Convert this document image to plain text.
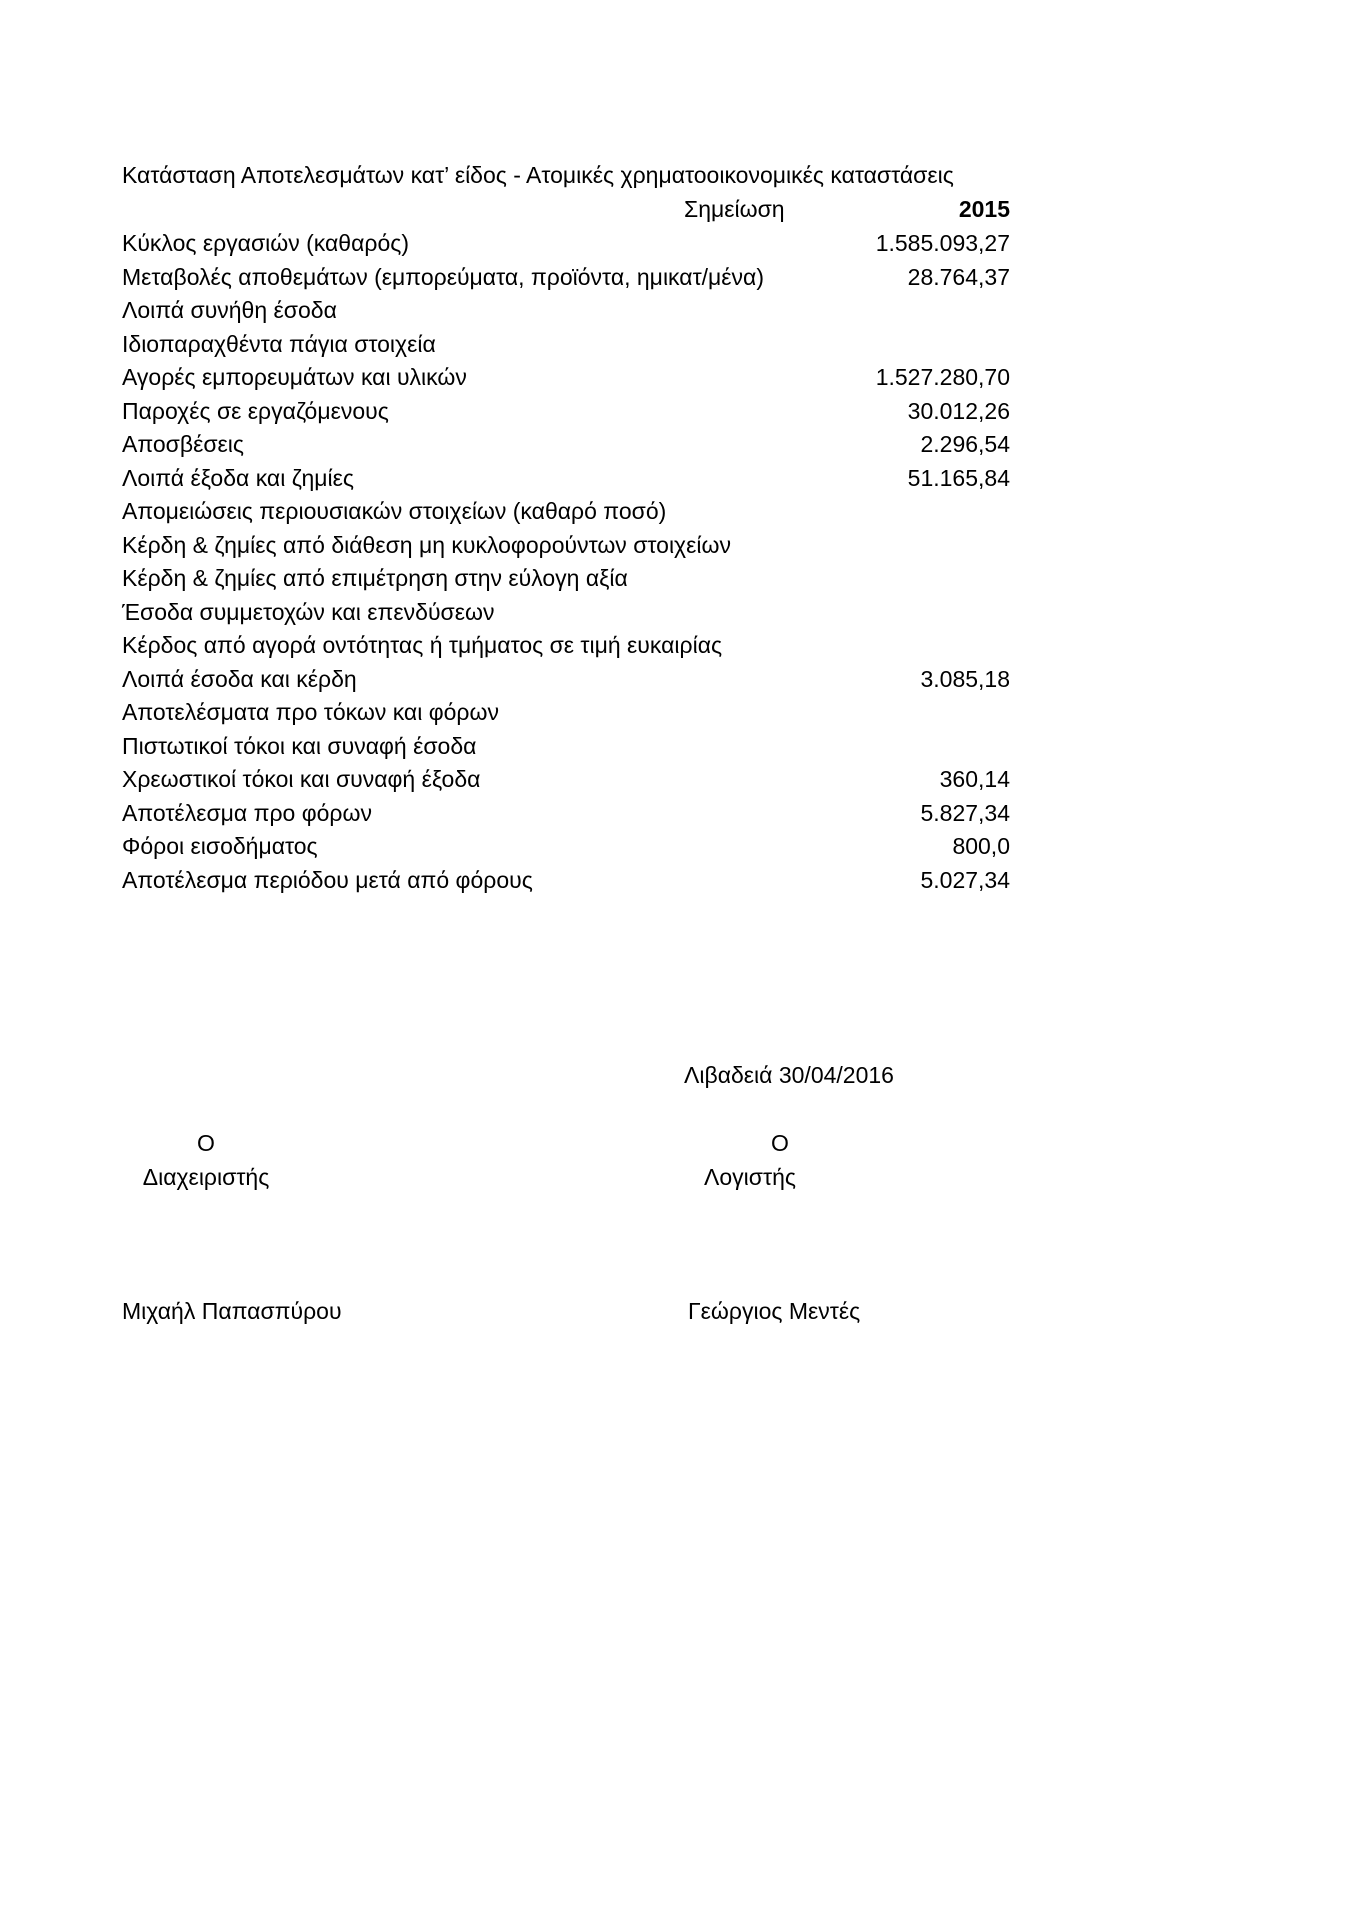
Κατάσταση Αποτελεσμάτων κατ’ είδος - Ατομικές χρηματοοικονομικές καταστάσεις
Σημείωση	2015
Κύκλος εργασιών (καθαρός)	1.585.093,27
Μεταβολές αποθεμάτων (εμπορεύματα, προϊόντα, ημικατ/μένα)	28.764,37
Λοιπά συνήθη έσοδα
Ιδιοπαραχθέντα πάγια στοιχεία
Αγορές εμπορευμάτων και υλικών	1.527.280,70
Παροχές σε εργαζόμενους	30.012,26
Αποσβέσεις	2.296,54
Λοιπά έξοδα και ζημίες	51.165,84
Απομειώσεις περιουσιακών στοιχείων (καθαρό ποσό)
Κέρδη & ζημίες από διάθεση μη κυκλοφορούντων στοιχείων
Κέρδη & ζημίες από επιμέτρηση στην εύλογη αξία
Έσοδα συμμετοχών και επενδύσεων
Κέρδος από αγορά οντότητας ή τμήματος σε τιμή ευκαιρίας
Λοιπά έσοδα και κέρδη	3.085,18
Αποτελέσματα προ τόκων και φόρων
Πιστωτικοί τόκοι και συναφή έσοδα
Χρεωστικοί τόκοι και συναφή έξοδα	360,14
Αποτέλεσμα προ φόρων	5.827,34
Φόροι εισοδήματος	800,0
Αποτέλεσμα περιόδου μετά από φόρους	5.027,34
Λιβαδειά 30/04/2016
Ο
Διαχειριστής
Μιχαήλ Παπασπύρου
Ο
Λογιστής
Γεώργιος Μεντές
